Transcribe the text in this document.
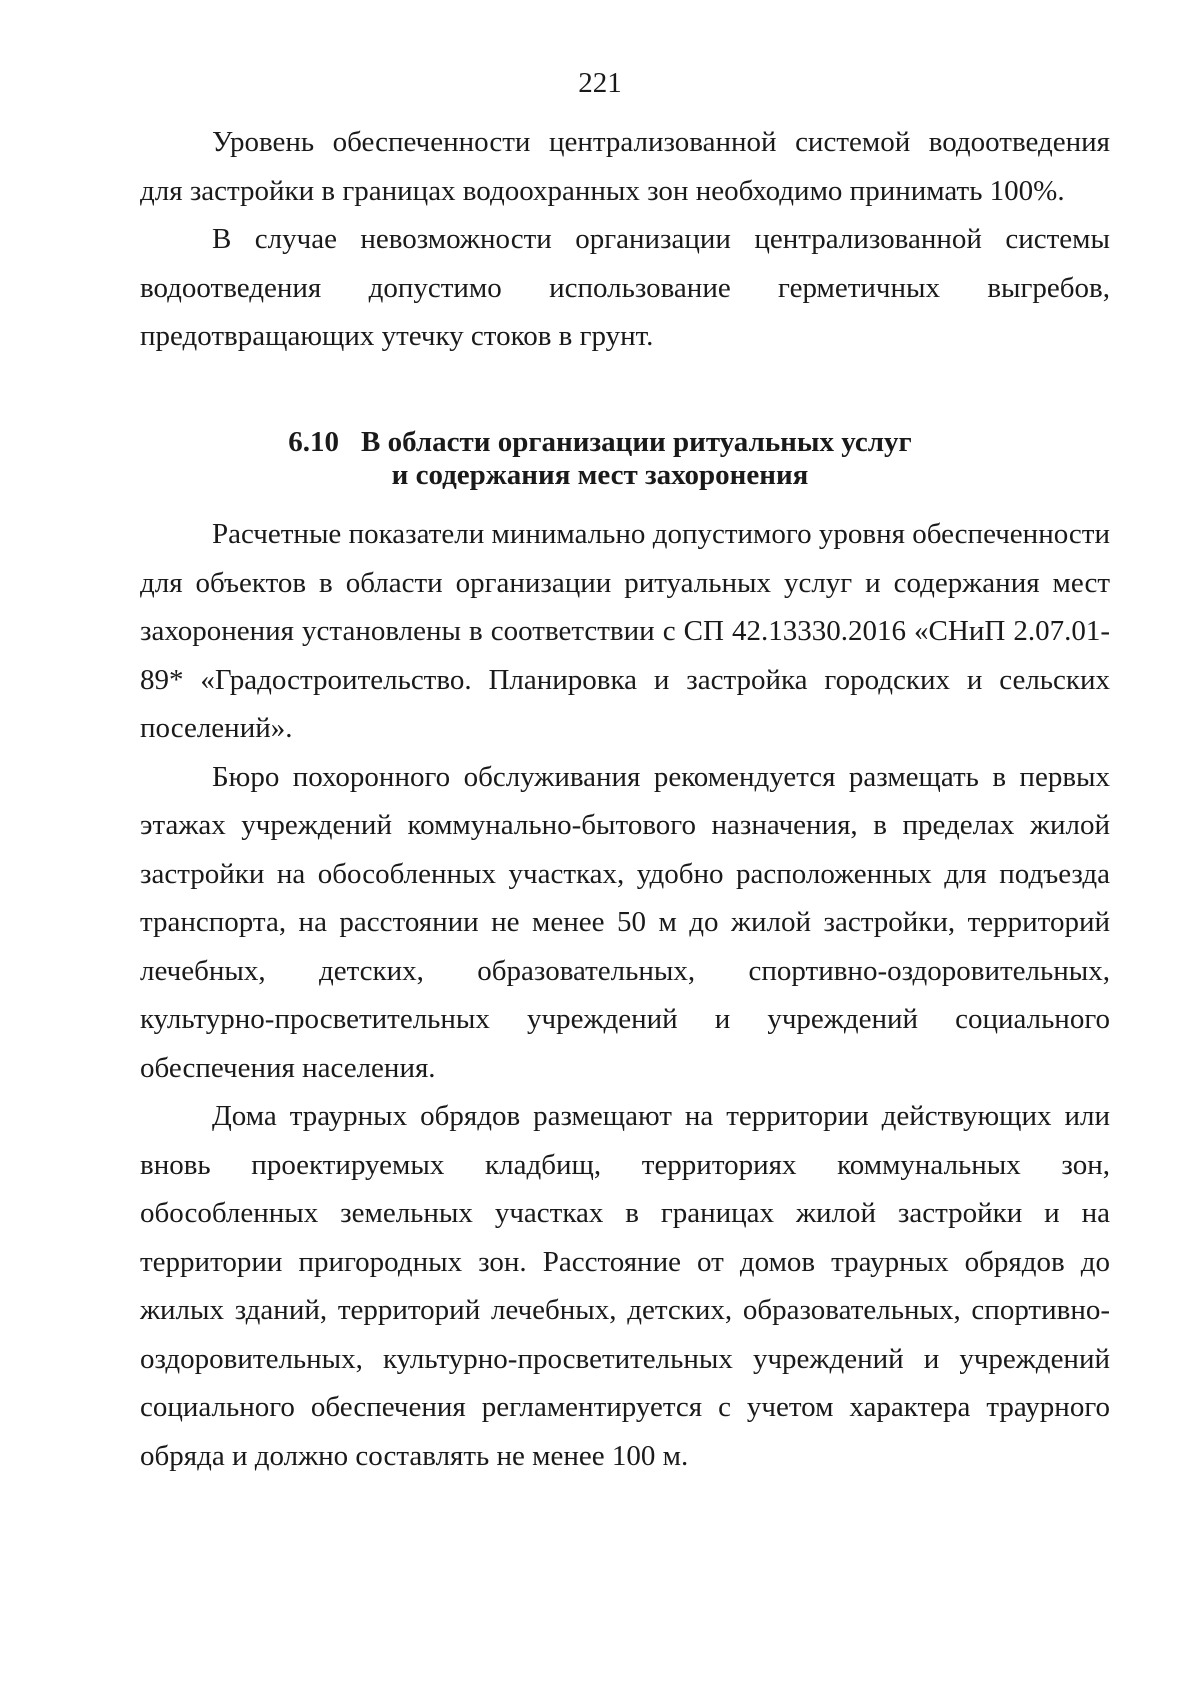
221

Уровень обеспеченности централизованной системой водоотведения для застройки в границах водоохранных зон необходимо принимать 100%.

В случае невозможности организации централизованной системы водоотведения допустимо использование герметичных выгребов, предотвращающих утечку стоков в грунт.

6.10 В области организации ритуальных услуг
и содержания мест захоронения

Расчетные показатели минимально допустимого уровня обеспеченности для объектов в области организации ритуальных услуг и содержания мест захоронения установлены в соответствии с СП 42.13330.2016 «СНиП 2.07.01-89* «Градостроительство. Планировка и застройка городских и сельских поселений».

Бюро похоронного обслуживания рекомендуется размещать в первых этажах учреждений коммунально-бытового назначения, в пределах жилой застройки на обособленных участках, удобно расположенных для подъезда транспорта, на расстоянии не менее 50 м до жилой застройки, территорий лечебных, детских, образовательных, спортивно-оздоровительных, культурно-просветительных учреждений и учреждений социального обеспечения населения.

Дома траурных обрядов размещают на территории действующих или вновь проектируемых кладбищ, территориях коммунальных зон, обособленных земельных участках в границах жилой застройки и на территории пригородных зон. Расстояние от домов траурных обрядов до жилых зданий, территорий лечебных, детских, образовательных, спортивно-оздоровительных, культурно-просветительных учреждений и учреждений социального обеспечения регламентируется с учетом характера траурного обряда и должно составлять не менее 100 м.
